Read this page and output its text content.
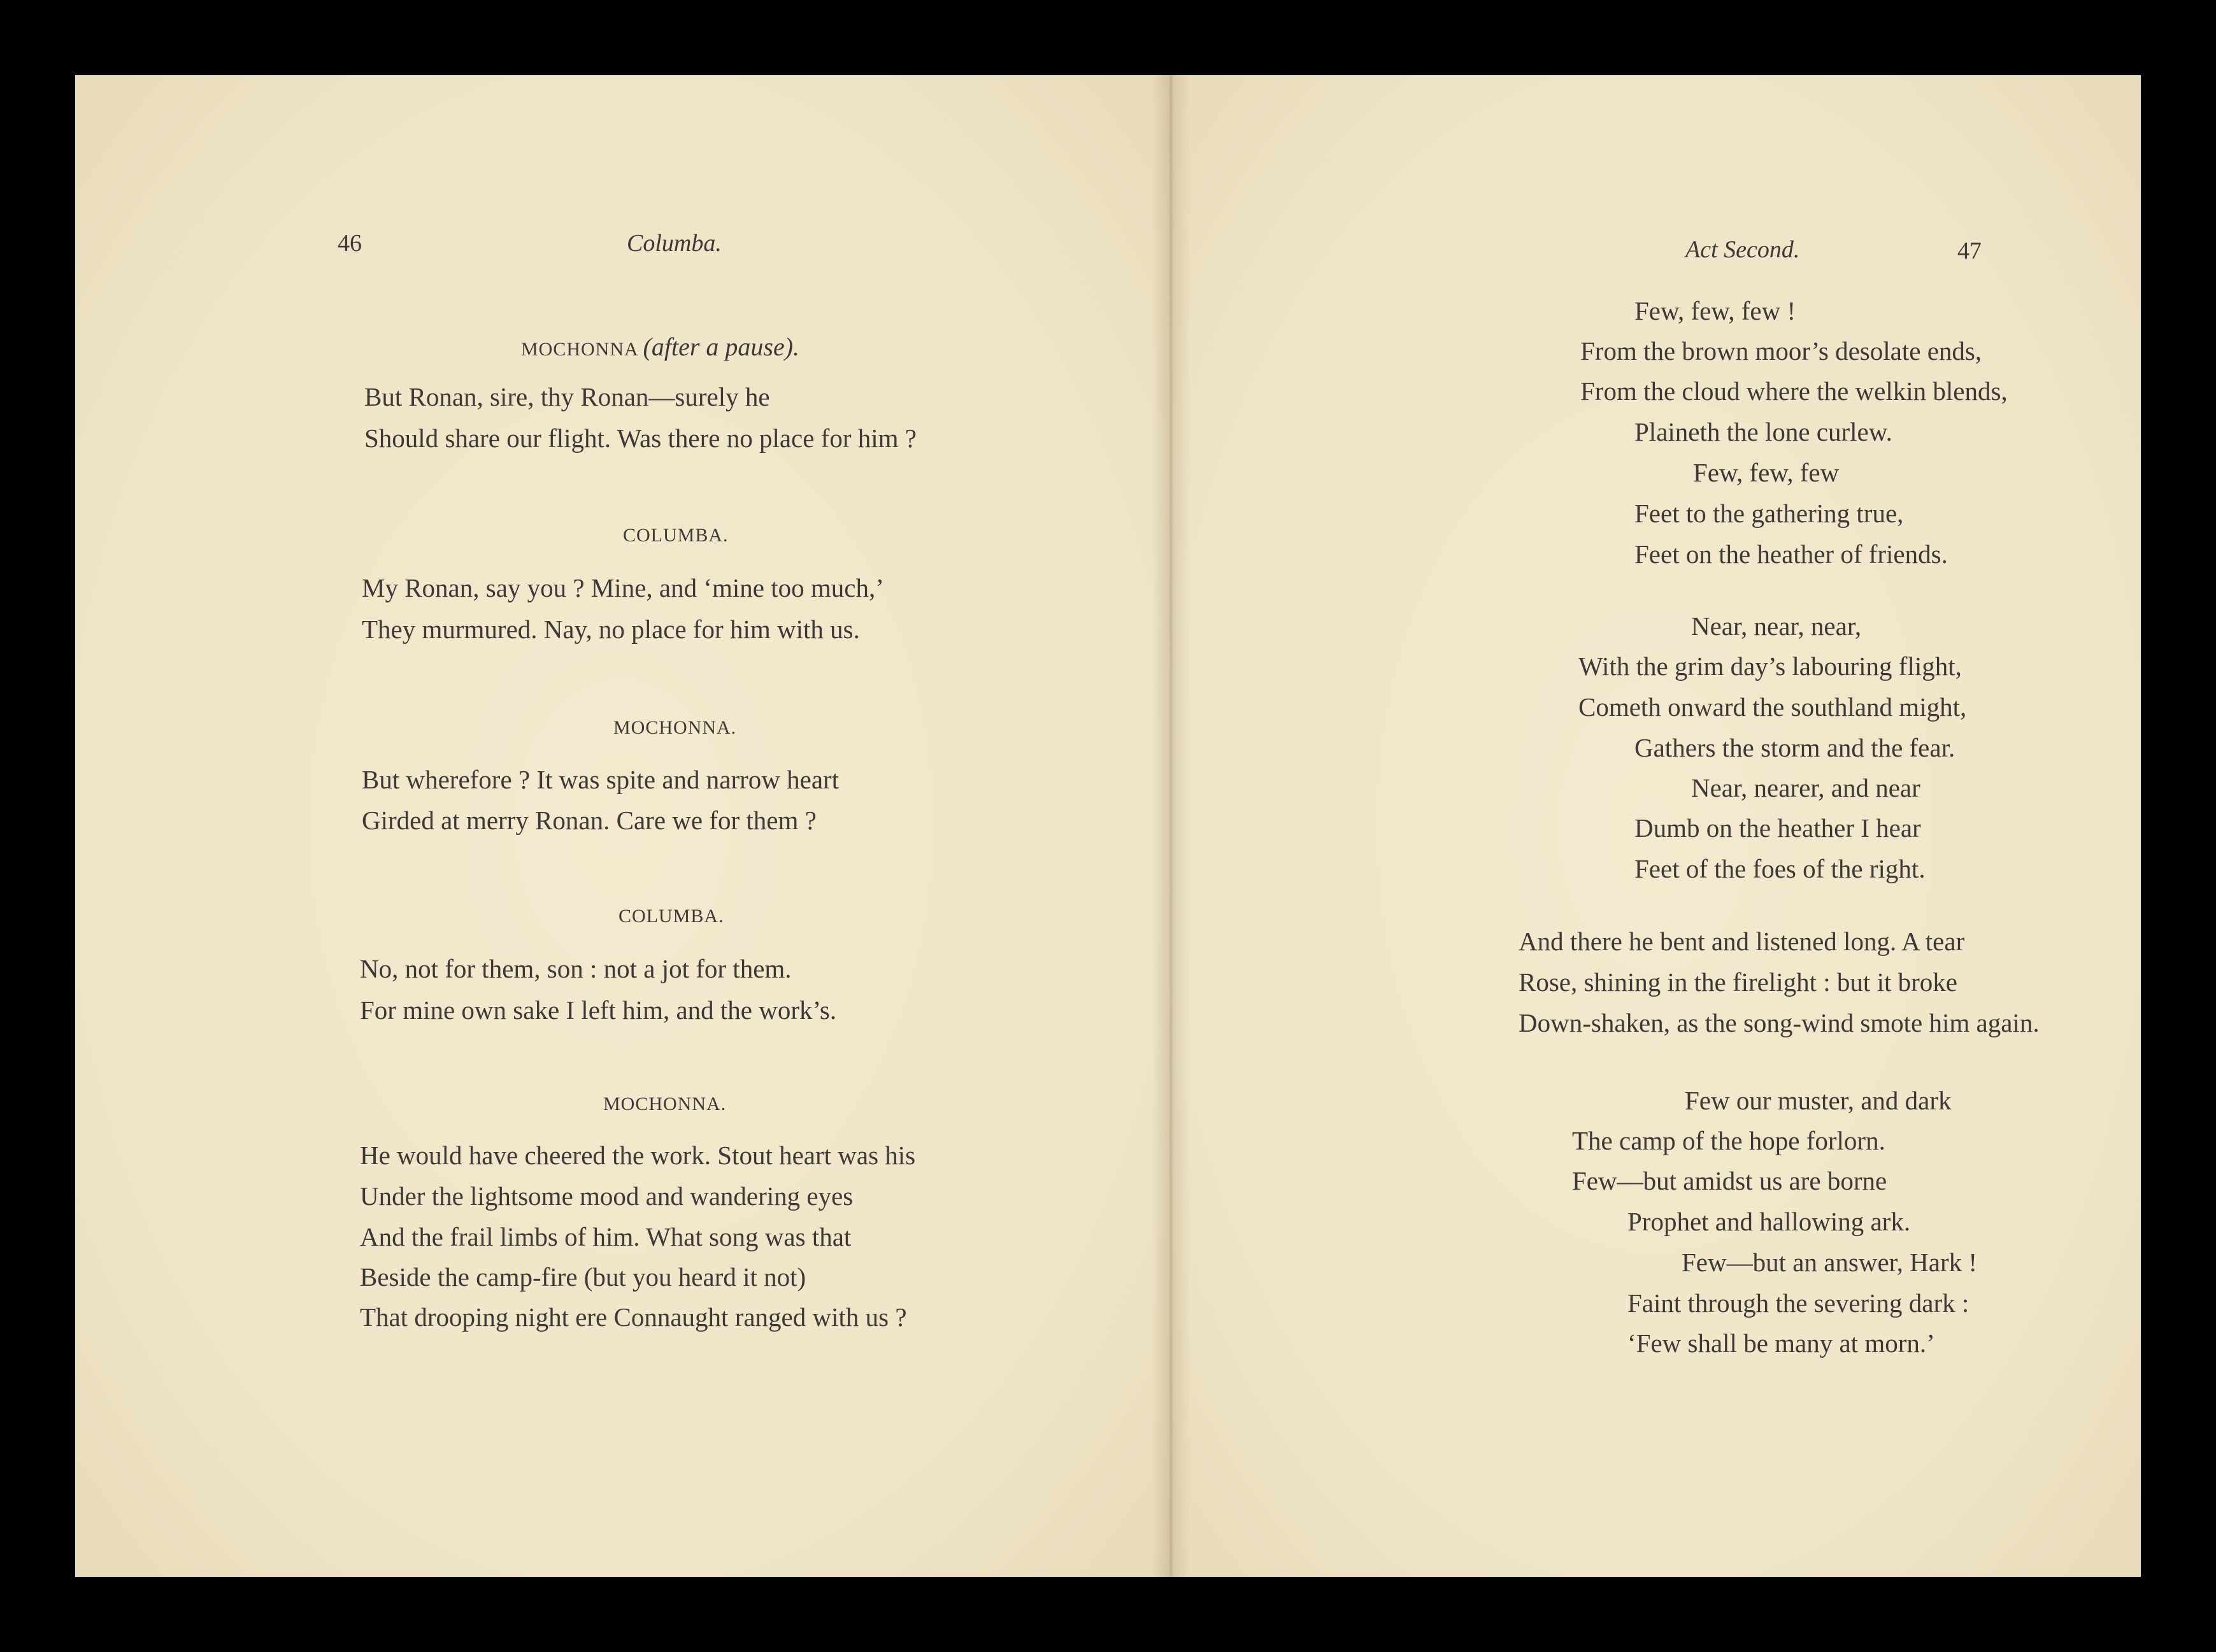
46	Columba.
MOCHONNA (after a pause).
But Ronan, sire, thy Ronan—surely he
Should share our flight. Was there no place for him ?
COLUMBA.
My Ronan, say you ? Mine, and ‘mine too much,’
They murmured. Nay, no place for him with us.
MOCHONNA.
But wherefore ? It was spite and narrow heart
Girded at merry Ronan. Care we for them ?
COLUMBA.
No, not for them, son : not a jot for them.
For mine own sake I left him, and the work’s.
MOCHONNA.
He would have cheered the work. Stout heart was his
Under the lightsome mood and wandering eyes
And the frail limbs of him. What song was that
Beside the camp-fire (but you heard it not)
That drooping night ere Connaught ranged with us ?
Act Second.	47
Few, few, few !
From the brown moor’s desolate ends,
From the cloud where the welkin blends,
Plaineth the lone curlew.
Few, few, few
Feet to the gathering true,
Feet on the heather of friends.
Near, near, near,
With the grim day’s labouring flight,
Cometh onward the southland might,
Gathers the storm and the fear.
Near, nearer, and near
Dumb on the heather I hear
Feet of the foes of the right.
And there he bent and listened long. A tear
Rose, shining in the firelight : but it broke
Down-shaken, as the song-wind smote him again.
Few our muster, and dark
The camp of the hope forlorn.
Few—but amidst us are borne
Prophet and hallowing ark.
Few—but an answer, Hark !
Faint through the severing dark :
‘Few shall be many at morn.’
